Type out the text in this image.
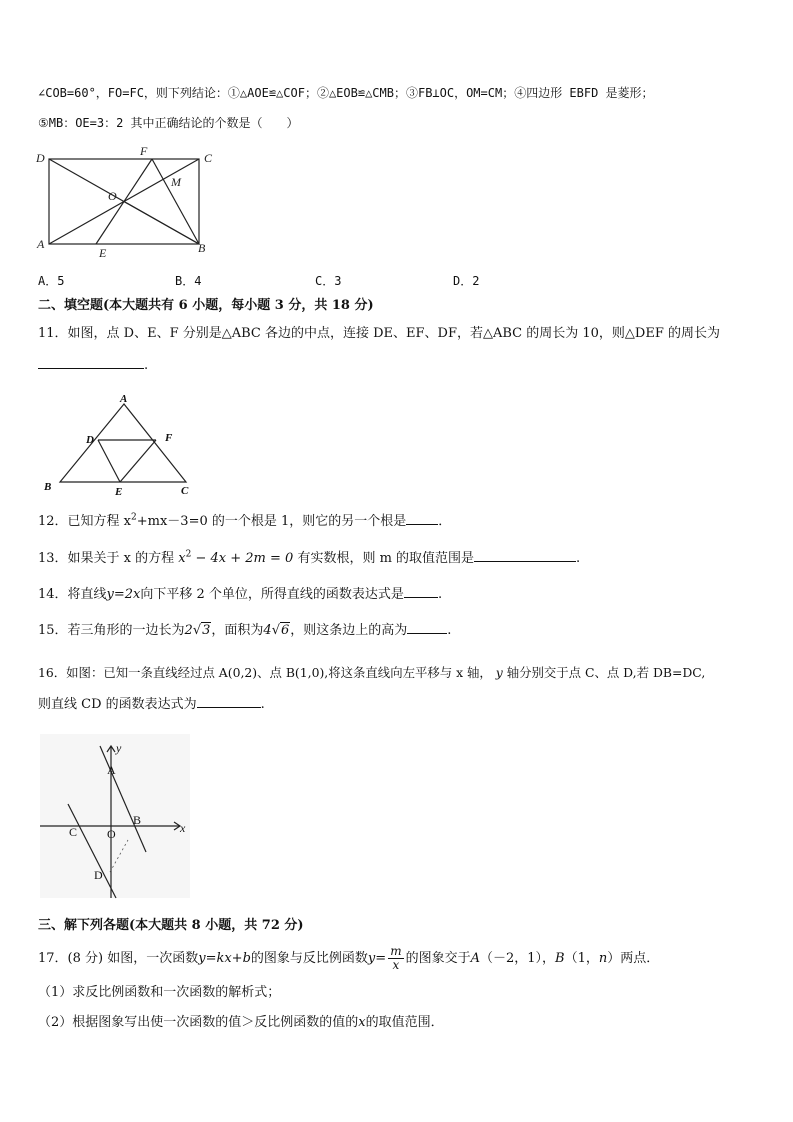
∠COB=60°，FO=FC，则下列结论：①△AOE≌△COF；②△EOB≌△CMB；③FB⊥OC，OM=CM；④四边形 EBFD 是菱形；
⑤MB：OE=3：2 其中正确结论的个数是（　　）
D	F	C
O
M
A
E	B
A．5	B．4	C．3	D．2
二、填空题(本大题共有 6 小题，每小题 3 分，共 18 分)
11．如图，点 D、E、F 分别是△ABC 各边的中点，连接 DE、EF、DF，若△ABC 的周长为 10，则△DEF 的周长为
.
A
D	F
B	E	C
12．已知方程 $x^2+mx-3=0$ 的一个根是 1，则它的另一个根是 ．
13．如果关于 x 的方程 $x^2 - 4x + 2m = 0$ 有实数根，则 m 的取值范围是	.
14．将直线y=2x向下平移 2 个单位，所得直线的函数表达式是	.
15．若三角形的一边长为2√3，面积为4√6，则这条边上的高为	.
16．如图：已知一条直线经过点 A(0,2)、点 B(1,0),将这条直线向左平移与 x 轴， y 轴分别交于点 C、点 D,若 DB=DC,
则直线 CD 的函数表达式为	.
y
x
A
B
C O
D
三、解下列各题(本大题共 8 小题，共 72 分)
17．(8 分) 如图，一次函数y=kx+b的图象与反比例函数$y= \frac{m}{x}$ 的图象交于A（－2，1），B（1，n）两点．
（1）求反比例函数和一次函数的解析式；
（2）根据图象写出使一次函数的值＞反比例函数的值的x的取值范围．
